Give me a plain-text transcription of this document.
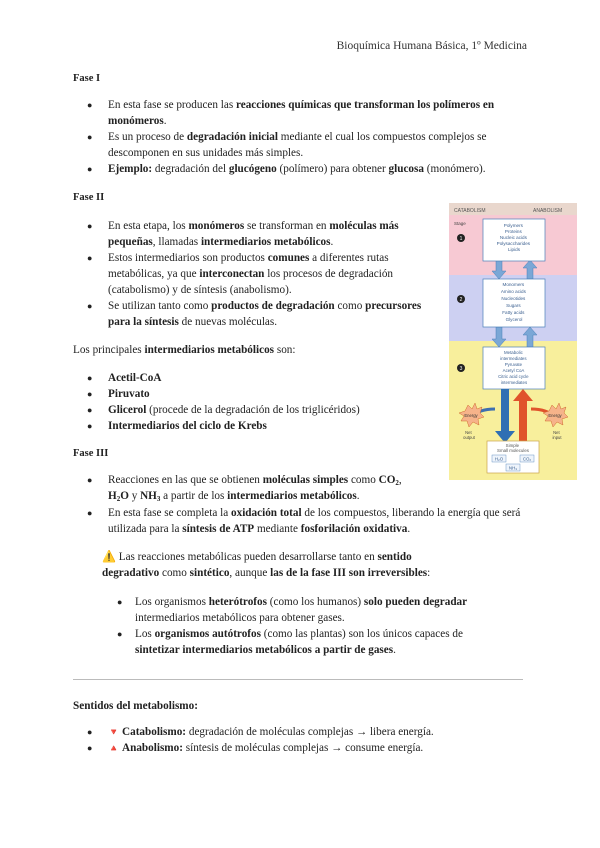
Bioquímica Humana Básica, 1º Medicina
Fase I
● En esta fase se producen las reacciones químicas que transforman los polímeros en monómeros.
● Es un proceso de degradación inicial mediante el cual los compuestos complejos se descomponen en sus unidades más simples.
● Ejemplo: degradación del glucógeno (polímero) para obtener glucosa (monómero).
Fase II
● En esta etapa, los monómeros se transforman en moléculas más pequeñas, llamadas intermediarios metabólicos.
● Estos intermediarios son productos comunes a diferentes rutas metabólicas, ya que interconectan los procesos de degradación (catabolismo) y de síntesis (anabolismo).
● Se utilizan tanto como productos de degradación como precursores para la síntesis de nuevas moléculas.
Los principales intermediarios metabólicos son:
● Acetil-CoA
● Piruvato
● Glicerol (procede de la degradación de los triglicéridos)
● Intermediarios del ciclo de Krebs
Fase III
● Reacciones en las que se obtienen moléculas simples como $CO_2$,
$H_2O$ y $NH_3$ a partir de los intermediarios metabólicos.
● En esta fase se completa la oxidación total de los compuestos, liberando la energía que será utilizada para la síntesis de ATP mediante fosforilación oxidativa.
⚠️ Las reacciones metabólicas pueden desarrollarse tanto en sentido degradativo como sintético, aunque las de la fase III son irreversibles:
● Los organismos heterótrofos (como los humanos) solo pueden degradar intermediarios metabólicos para obtener gases.
● Los organismos autótrofos (como las plantas) son los únicos capaces de sintetizar intermediarios metabólicos a partir de gases.
Sentidos del metabolismo:
● 🔻 Catabolismo: degradación de moléculas complejas → libera energía.
● 🔺 Anabolismo: síntesis de moléculas complejas → consume energía.
CATABOLISM	ANABOLISM
Stage
1
2
3
Polymers Proteins Nucleic acids Polysaccharides Lipids
Monomers Amino acids Nucleotides Sugars Fatty acids Glycerol
Metabolic intermediates Pyruvate Acetyl CoA Citric acid cycle intermediates
Energy	Energy
Net output
Net input
Simple Small molecules
H₂O	CO₂
NH₃
